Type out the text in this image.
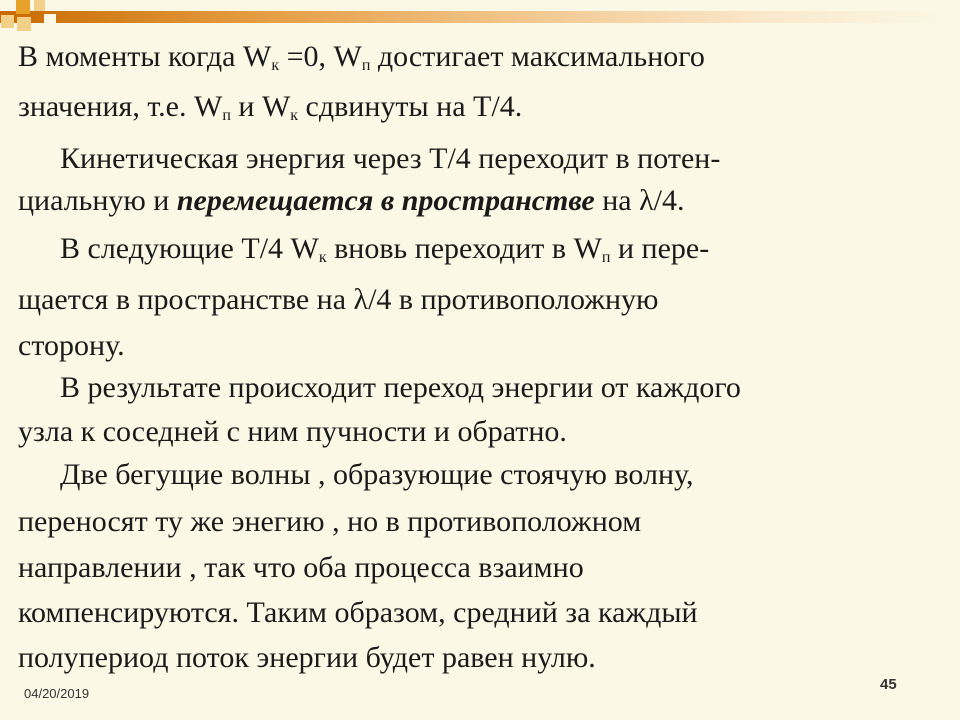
В моменты когда $W_к =0$, $W_п$ достигает максимального
значения, т.е. $W_п$ и $W_к$ сдвинуты на Т/4.
Кинетическая энергия через Т/4 переходит в потен-
циальную и перемещается в пространстве на λ/4.
В следующие Т/4 $W_к$ вновь переходит в $W_п$ и пере-
щается в пространстве на λ/4 в противоположную
сторону.
В результате происходит переход энергии от каждого
узла к соседней с ним пучности и обратно.
Две бегущие волны , образующие стоячую волну,
переносят ту же энегию , но в противоположном
направлении , так что оба процесса взаимно
компенсируются. Таким образом, средний за каждый
полупериод поток энергии будет равен нулю.
04/20/2019
45
